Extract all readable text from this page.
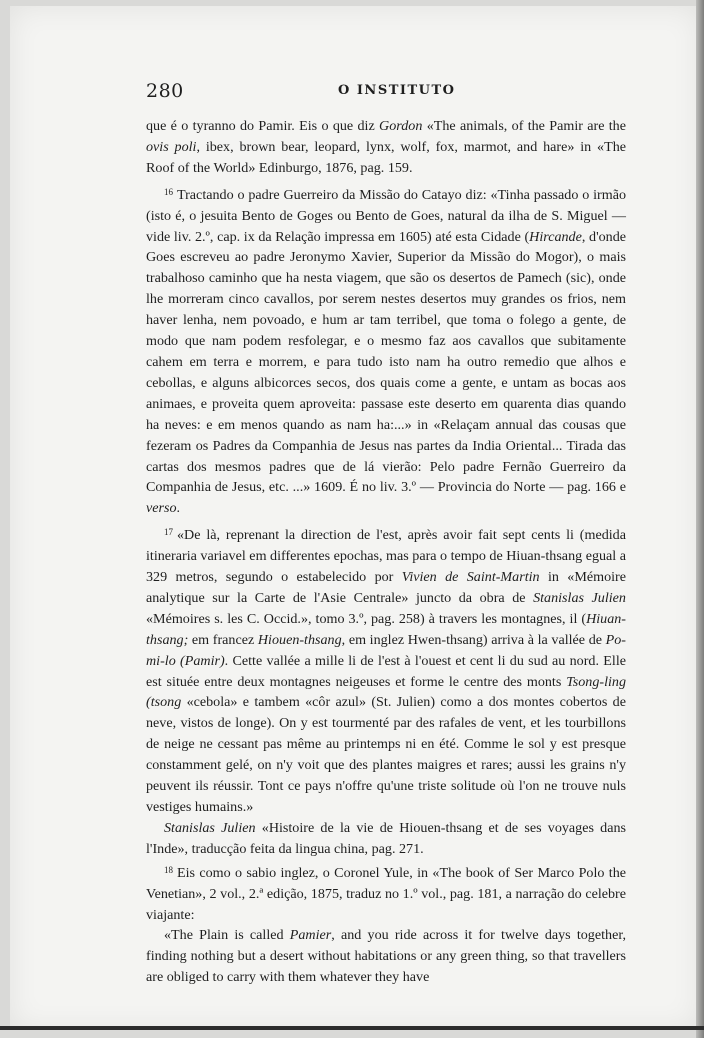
280	O INSTITUTO

que é o tyranno do Pamir. Eis o que diz Gordon «The animals, of the Pamir are the ovis poli, ibex, brown bear, leopard, lynx, wolf, fox, marmot, and hare» in «The Roof of the World» Edinburgo, 1876, pag. 159.

$^{16}$ Tractando o padre Guerreiro da Missão do Catayo diz: «Tinha passado o irmão (isto é, o jesuita Bento de Goges ou Bento de Goes, natural da ilha de S. Miguel — vide liv. 2.º, cap. ix da Relação impressa em 1605) até esta Cidade (Hircande, d'onde Goes escreveu ao padre Jeronymo Xavier, Superior da Missão do Mogor), o mais trabalhoso caminho que ha nesta viagem, que são os desertos de Pamech (sic), onde lhe morreram cinco cavallos, por serem nestes desertos muy grandes os frios, nem haver lenha, nem povoado, e hum ar tam terribel, que toma o folego a gente, de modo que nam podem resfolegar, e o mesmo faz aos cavallos que subitamente cahem em terra e morrem, e para tudo isto nam ha outro remedio que alhos e cebollas, e alguns albicorces secos, dos quais come a gente, e untam as bocas aos animaes, e proveita quem aproveita: passase este deserto em quarenta dias quando ha neves: e em menos quando as nam ha:...» in «Relaçam annual das cousas que fezeram os Padres da Companhia de Jesus nas partes da India Oriental... Tirada das cartas dos mesmos padres que de lá vierão: Pelo padre Fernão Guerreiro da Companhia de Jesus, etc. ...» 1609. É no liv. 3.º — Provincia do Norte — pag. 166 e verso.

$^{17}$ «De là, reprenant la direction de l'est, après avoir fait sept cents li (medida itineraria variavel em differentes epochas, mas para o tempo de Hiuan-thsang egual a 329 metros, segundo o estabelecido por Vivien de Saint-Martin in «Mémoire analytique sur la Carte de l'Asie Centrale» juncto da obra de Stanislas Julien «Mémoires s. les C. Occid.», tomo 3.º, pag. 258) à travers les montagnes, il (Hiuan-thsang; em francez Hiouen-thsang, em inglez Hwen-thsang) arriva à la vallée de Po-mi-lo (Pamir). Cette vallée a mille li de l'est à l'ouest et cent li du sud au nord. Elle est située entre deux montagnes neigeuses et forme le centre des monts Tsong-ling (tsong «cebola» e tambem «côr azul» (St. Julien) como a dos montes cobertos de neve, vistos de longe). On y est tourmenté par des rafales de vent, et les tourbillons de neige ne cessant pas même au printemps ni en été. Comme le sol y est presque constamment gelé, on n'y voit que des plantes maigres et rares; aussi les grains n'y peuvent ils réussir. Tont ce pays n'offre qu'une triste solitude où l'on ne trouve nuls vestiges humains.»

Stanislas Julien «Histoire de la vie de Hiouen-thsang et de ses voyages dans l'Inde», traducção feita da lingua china, pag. 271.

$^{18}$ Eis como o sabio inglez, o Coronel Yule, in «The book of Ser Marco Polo the Venetian», 2 vol., 2.ª edição, 1875, traduz no 1.º vol., pag. 181, a narração do celebre viajante:

«The Plain is called Pamier, and you ride across it for twelve days together, finding nothing but a desert without habitations or any green thing, so that travellers are obliged to carry with them whatever they have
